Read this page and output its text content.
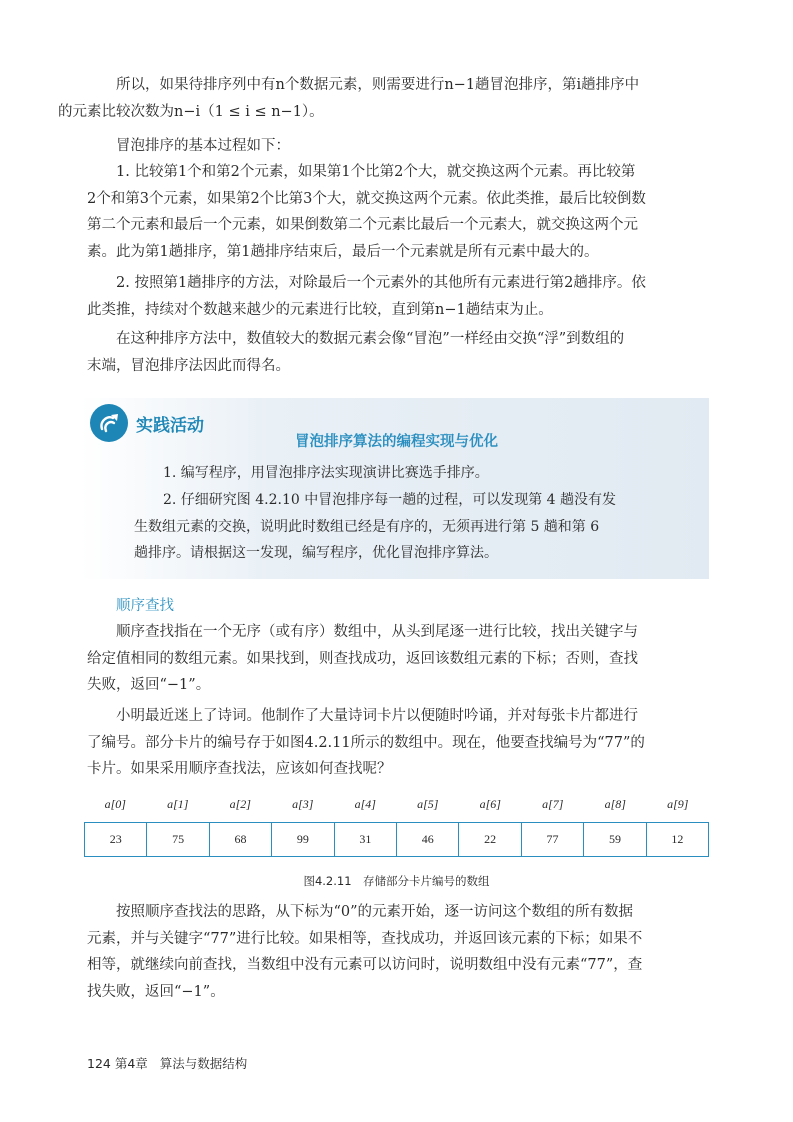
所以，如果待排序列中有n个数据元素，则需要进行n−1趟冒泡排序，第i趟排序中
的元素比较次数为n−i（1 ≤ i ≤ n−1）。

冒泡排序的基本过程如下：

1. 比较第1个和第2个元素，如果第1个比第2个大，就交换这两个元素。再比较第
2个和第3个元素，如果第2个比第3个大，就交换这两个元素。依此类推，最后比较倒数
第二个元素和最后一个元素，如果倒数第二个元素比最后一个元素大，就交换这两个元
素。此为第1趟排序，第1趟排序结束后，最后一个元素就是所有元素中最大的。

2. 按照第1趟排序的方法，对除最后一个元素外的其他所有元素进行第2趟排序。依
此类推，持续对个数越来越少的元素进行比较，直到第n−1趟结束为止。

在这种排序方法中，数值较大的数据元素会像“冒泡”一样经由交换“浮”到数组的
末端，冒泡排序法因此而得名。

实践活动
冒泡排序算法的编程实现与优化

1. 编写程序，用冒泡排序法实现演讲比赛选手排序。

2. 仔细研究图 4.2.10 中冒泡排序每一趟的过程，可以发现第 4 趟没有发
生数组元素的交换，说明此时数组已经是有序的，无须再进行第 5 趟和第 6
趟排序。请根据这一发现，编写程序，优化冒泡排序算法。

顺序查找

顺序查找指在一个无序（或有序）数组中，从头到尾逐一进行比较，找出关键字与
给定值相同的数组元素。如果找到，则查找成功，返回该数组元素的下标；否则，查找
失败，返回“−1”。

小明最近迷上了诗词。他制作了大量诗词卡片以便随时吟诵，并对每张卡片都进行
了编号。部分卡片的编号存于如图4.2.11所示的数组中。现在，他要查找编号为“77”的
卡片。如果采用顺序查找法，应该如何查找呢？

a[0]	a[1]	a[2]	a[3]	a[4]	a[5]	a[6]	a[7]	a[8]	a[9]
23	75	68	99	31	46	22	77	59	12
图4.2.11　存储部分卡片编号的数组

按照顺序查找法的思路，从下标为“0”的元素开始，逐一访问这个数组的所有数据
元素，并与关键字“77”进行比较。如果相等，查找成功，并返回该元素的下标；如果不
相等，就继续向前查找，当数组中没有元素可以访问时，说明数组中没有元素“77”，查
找失败，返回“−1”。

124 第4章 算法与数据结构
